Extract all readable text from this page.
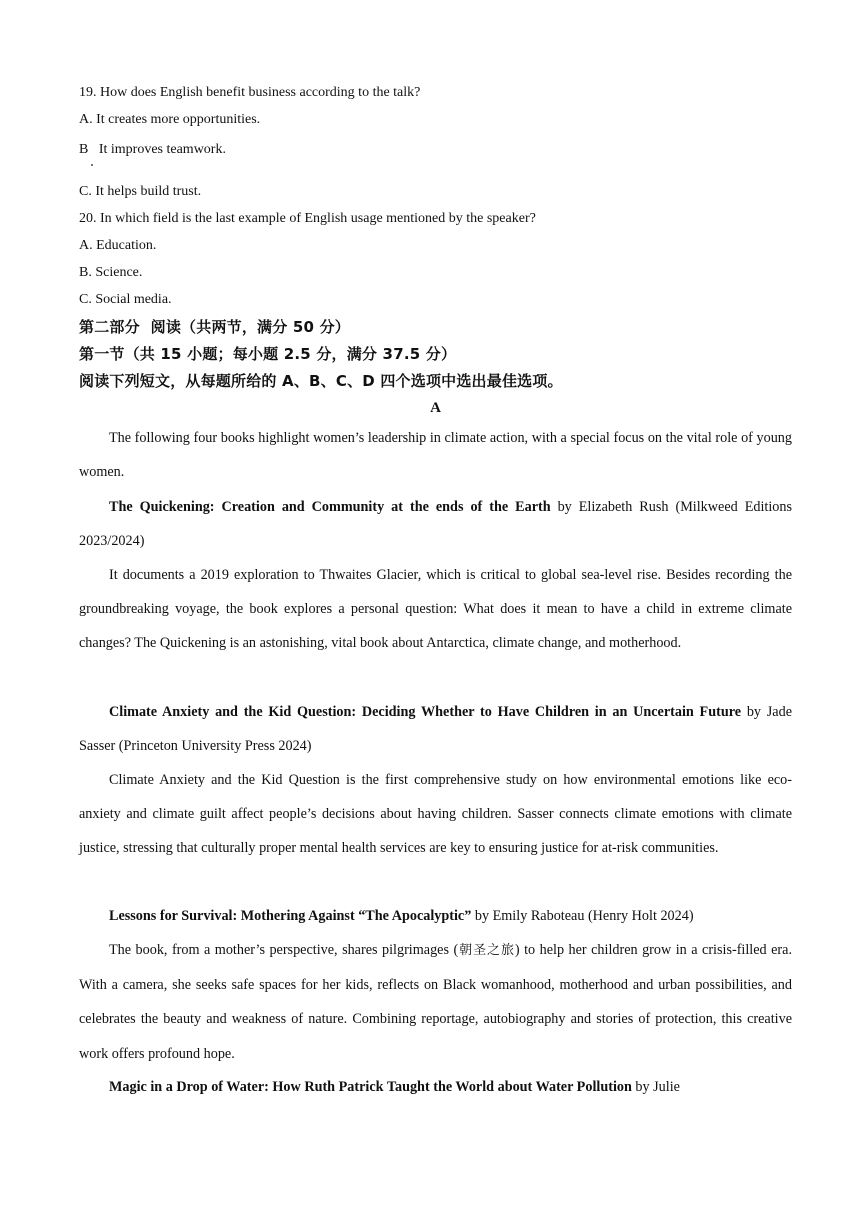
19. How does English benefit business according to the talk?
A. It creates more opportunities.
B   It improves teamwork.
C. It helps build trust.
20. In which field is the last example of English usage mentioned by the speaker?
A. Education.
B. Science.
C. Social media.
第二部分  阅读（共两节，满分 50 分）
第一节（共 15 小题；每小题 2.5 分，满分 37.5 分）
阅读下列短文，从每题所给的 A、B、C、D 四个选项中选出最佳选项。
A

The following four books highlight women’s leadership in climate action, with a special focus on the vital role of young women.

The Quickening: Creation and Community at the ends of the Earth by Elizabeth Rush (Milkweed Editions 2023/2024)

It documents a 2019 exploration to Thwaites Glacier, which is critical to global sea-level rise. Besides recording the groundbreaking voyage, the book explores a personal question: What does it mean to have a child in extreme climate changes? The Quickening is an astonishing, vital book about Antarctica, climate change, and motherhood.

Climate Anxiety and the Kid Question: Deciding Whether to Have Children in an Uncertain Future by Jade Sasser (Princeton University Press 2024)

Climate Anxiety and the Kid Question is the first comprehensive study on how environmental emotions like eco-anxiety and climate guilt affect people’s decisions about having children. Sasser connects climate emotions with climate justice, stressing that culturally proper mental health services are key to ensuring justice for at-risk communities.

Lessons for Survival: Mothering Against “The Apocalyptic” by Emily Raboteau (Henry Holt 2024)

The book, from a mother’s perspective, shares pilgrimages (朝圣之旅) to help her children grow in a crisis-filled era. With a camera, she seeks safe spaces for her kids, reflects on Black womanhood, motherhood and urban possibilities, and celebrates the beauty and weakness of nature. Combining reportage, autobiography and stories of protection, this creative work offers profound hope.

Magic in a Drop of Water: How Ruth Patrick Taught the World about Water Pollution by Julie
